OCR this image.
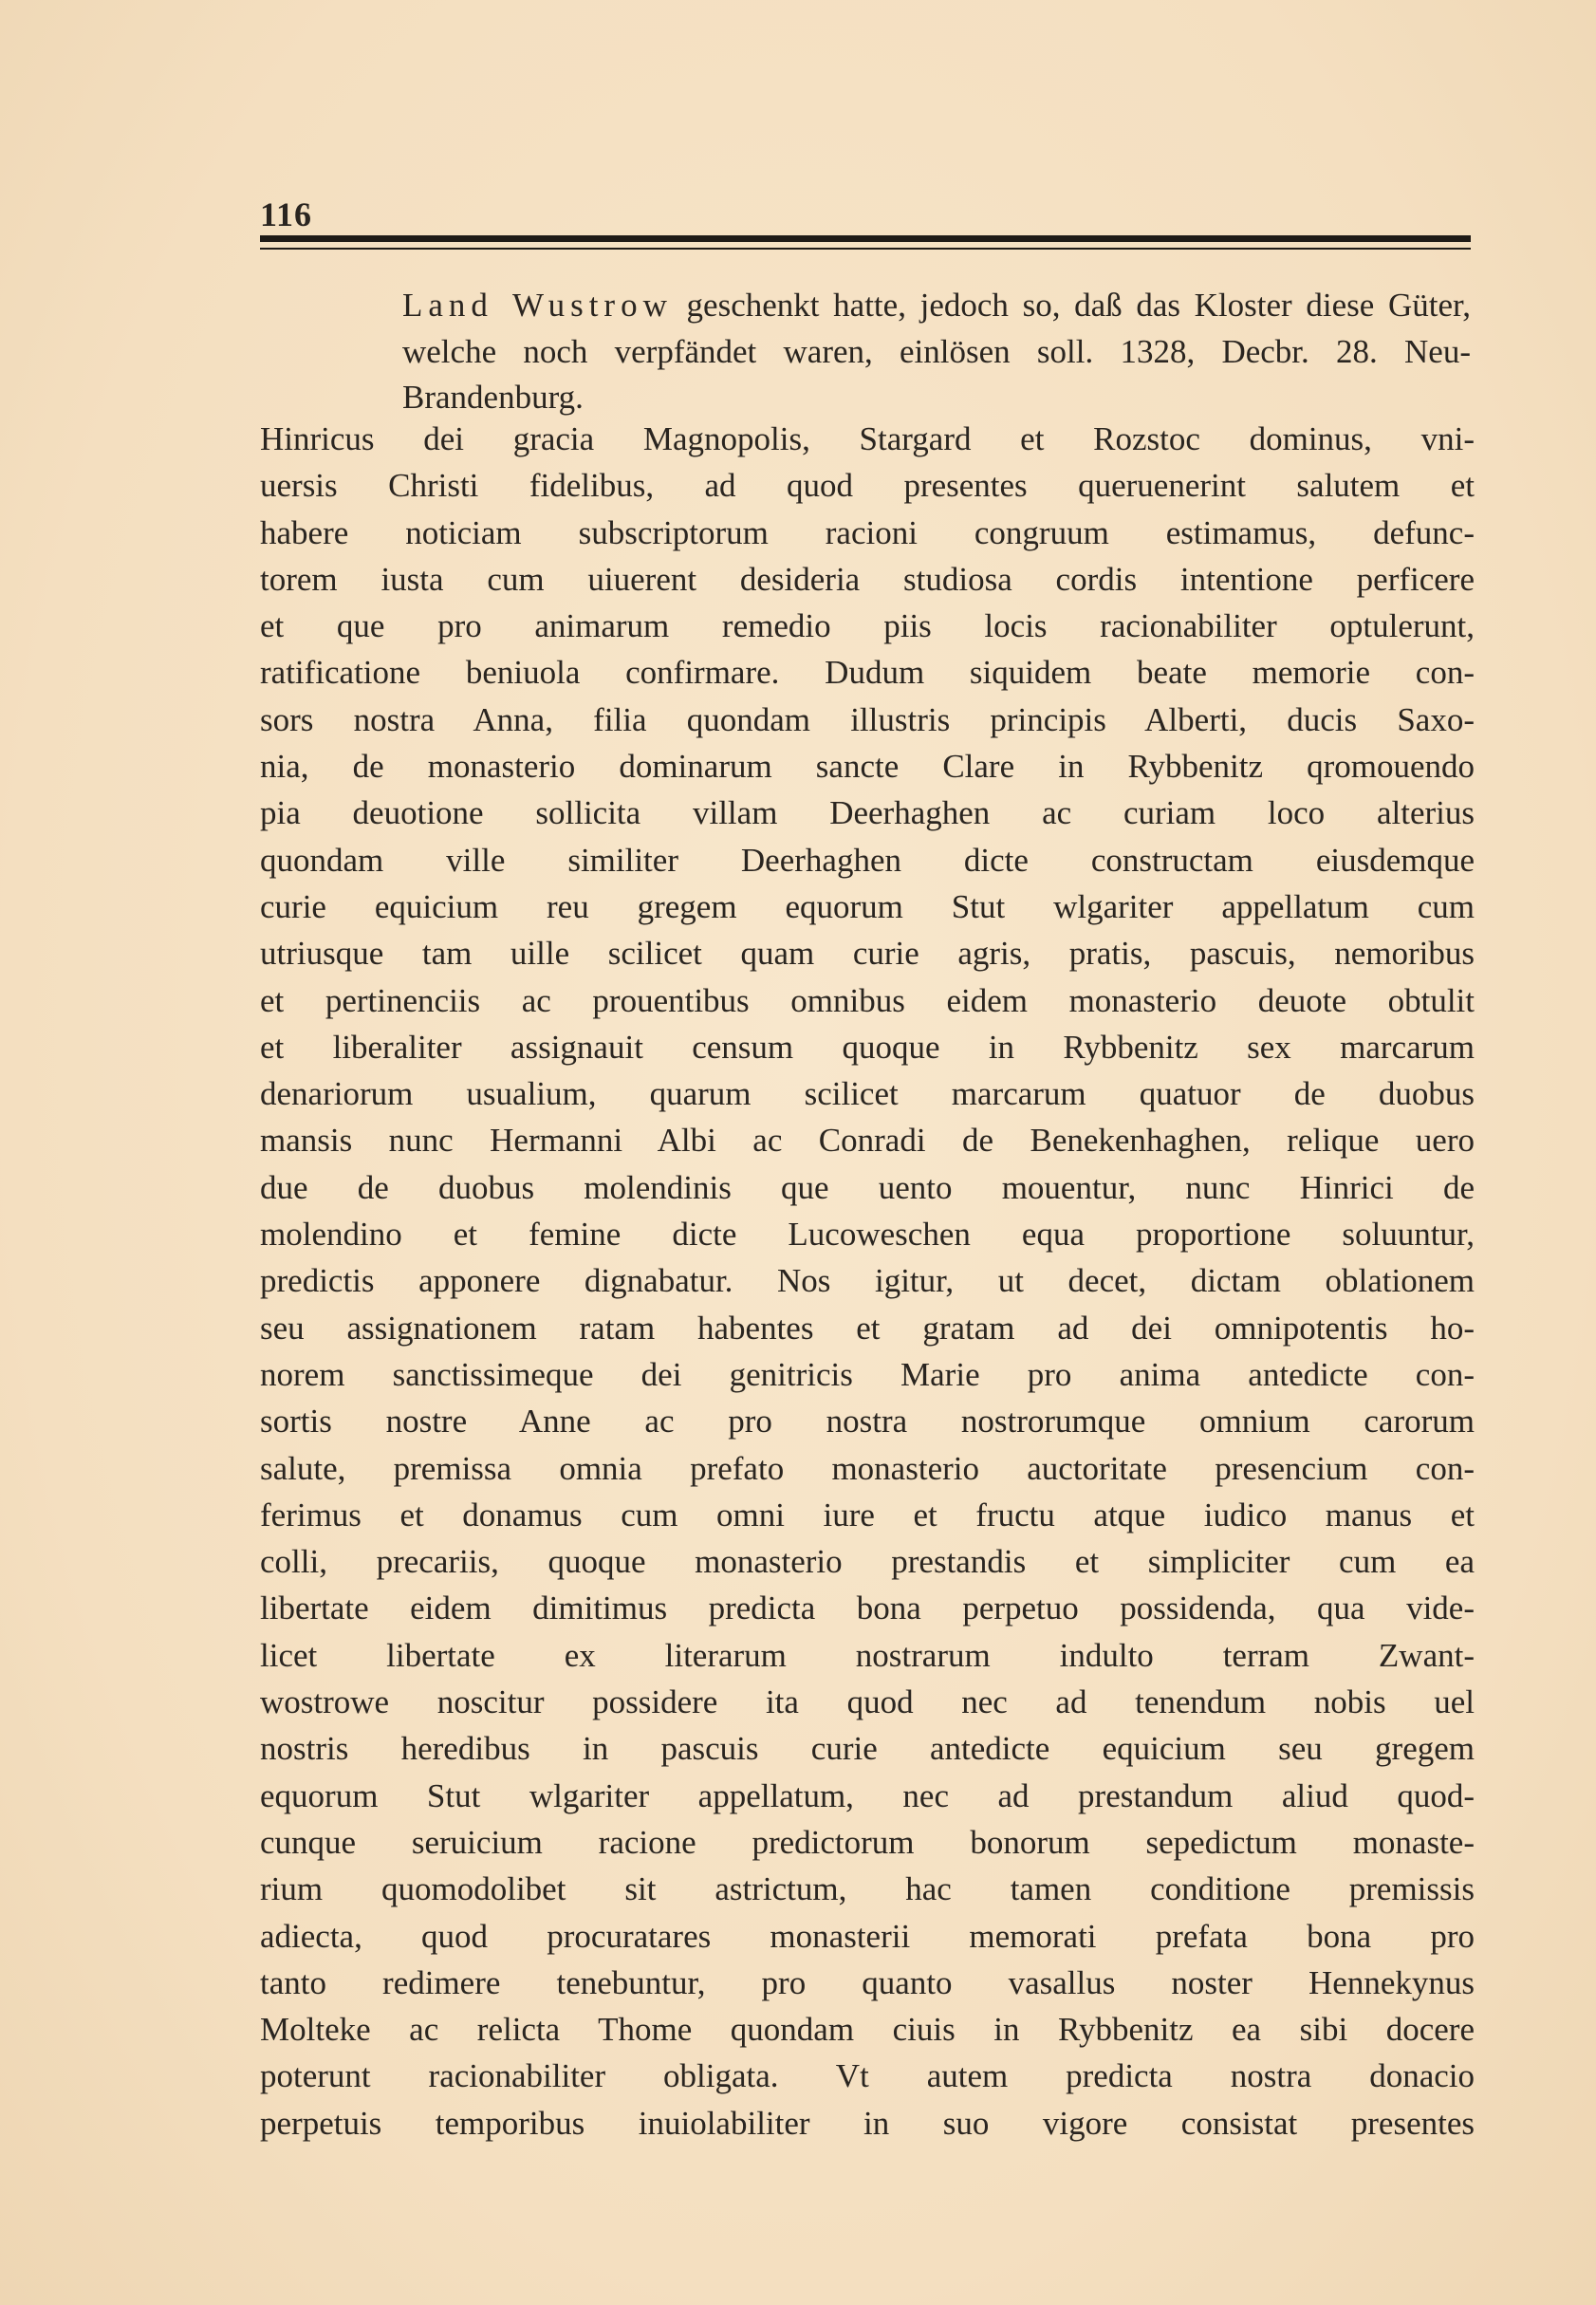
116

Land Wustrow geschenkt hatte, jedoch so, daß das Kloster diese Güter, welche noch verpfändet waren, einlösen soll. 1328, Decbr. 28. Neu-Brandenburg.

Hinricus dei gracia Magnopolis, Stargard et Rozstoc dominus, vni-
uersis Christi fidelibus, ad quod presentes queruenerint salutem et
habere noticiam subscriptorum racioni congruum estimamus, defunc-
torem iusta cum uiuerent desideria studiosa cordis intentione perficere
et que pro animarum remedio piis locis racionabiliter optulerunt,
ratificatione beniuola confirmare. Dudum siquidem beate memorie con-
sors nostra Anna, filia quondam illustris principis Alberti, ducis Saxo-
nia, de monasterio dominarum sancte Clare in Rybbenitz qromouendo
pia deuotione sollicita villam Deerhaghen ac curiam loco alterius
quondam ville similiter Deerhaghen dicte constructam eiusdemque
curie equicium reu gregem equorum Stut wlgariter appellatum cum
utriusque tam uille scilicet quam curie agris, pratis, pascuis, nemoribus
et pertinenciis ac prouentibus omnibus eidem monasterio deuote obtulit
et liberaliter assignauit censum quoque in Rybbenitz sex marcarum
denariorum usualium, quarum scilicet marcarum quatuor de duobus
mansis nunc Hermanni Albi ac Conradi de Benekenhaghen, relique uero
due de duobus molendinis que uento mouentur, nunc Hinrici de
molendino et femine dicte Lucoweschen equa proportione soluuntur,
predictis apponere dignabatur. Nos igitur, ut decet, dictam oblationem
seu assignationem ratam habentes et gratam ad dei omnipotentis ho-
norem sanctissimeque dei genitricis Marie pro anima antedicte con-
sortis nostre Anne ac pro nostra nostrorumque omnium carorum
salute, premissa omnia prefato monasterio auctoritate presencium con-
ferimus et donamus cum omni iure et fructu atque iudico manus et
colli, precariis, quoque monasterio prestandis et simpliciter cum ea
libertate eidem dimitimus predicta bona perpetuo possidenda, qua vide-
licet libertate ex literarum nostrarum indulto terram Zwant-
wostrowe noscitur possidere ita quod nec ad tenendum nobis uel
nostris heredibus in pascuis curie antedicte equicium seu gregem
equorum Stut wlgariter appellatum, nec ad prestandum aliud quod-
cunque seruicium racione predictorum bonorum sepedictum monaste-
rium quomodolibet sit astrictum, hac tamen conditione premissis
adiecta, quod procuratares monasterii memorati prefata bona pro
tanto redimere tenebuntur, pro quanto vasallus noster Hennekynus
Molteke ac relicta Thome quondam ciuis in Rybbenitz ea sibi docere
poterunt racionabiliter obligata. Vt autem predicta nostra donacio
perpetuis temporibus inuiolabiliter in suo vigore consistat presentes
